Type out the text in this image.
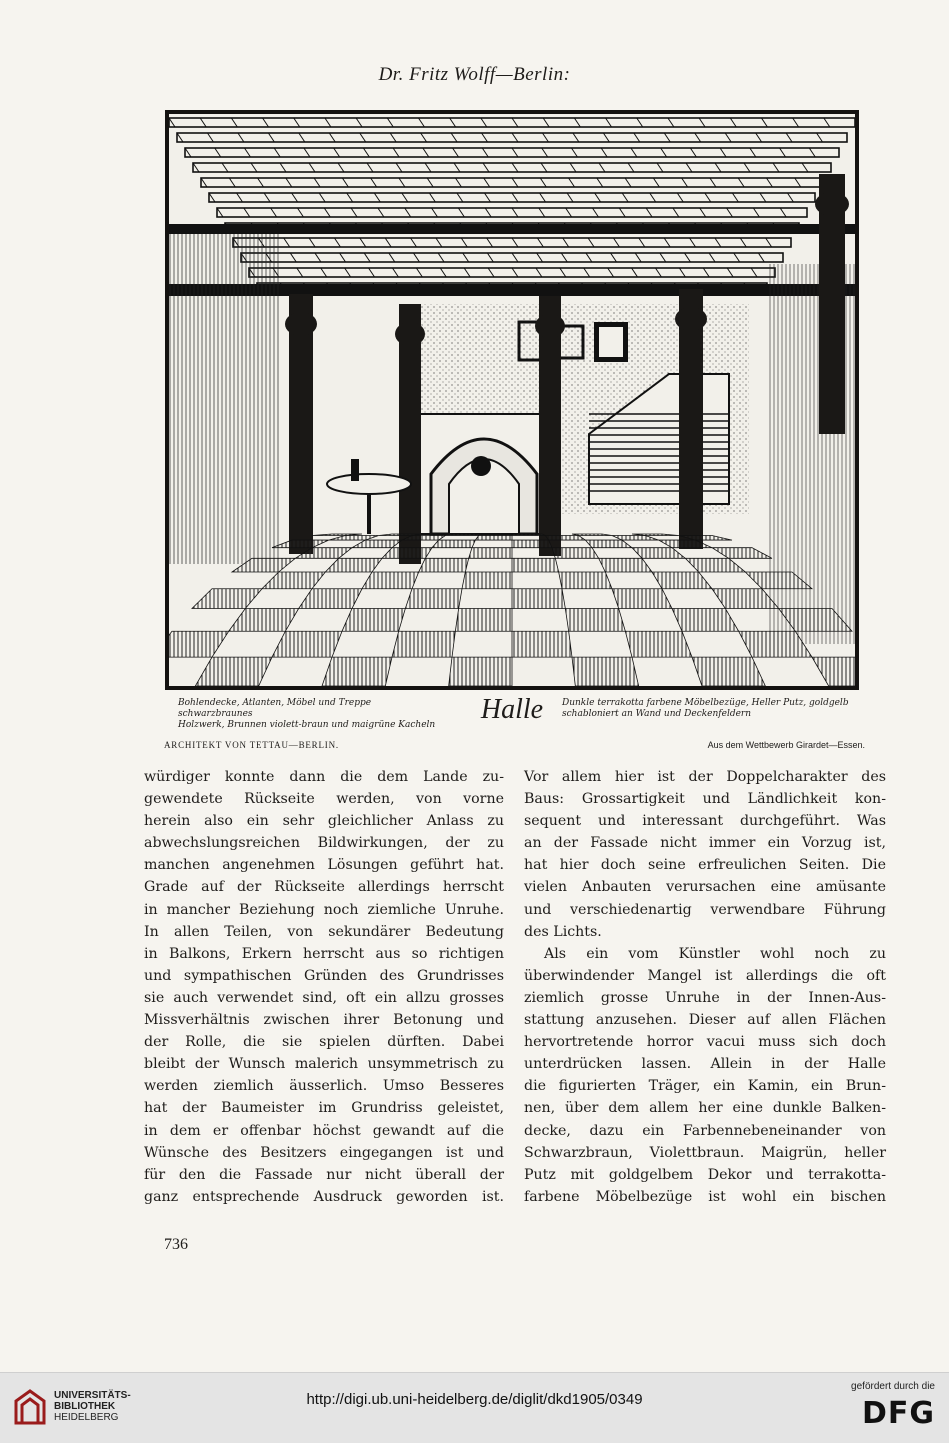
Dr. Fritz Wolff—Berlin:
Bohlendecke, Atlanten, Möbel und Treppe schwarzbraunes
Holzwerk, Brunnen violett-braun und maigrüne Kacheln	Halle	Dunkle terrakotta farbene Möbelbezüge, Heller Putz, goldgelb
schabloniert an Wand und Deckenfeldern
ARCHITEKT VON TETTAU—BERLIN.	Aus dem Wettbewerb Girardet—Essen.

würdiger konnte dann die dem Lande zu-

gewendete Rückseite werden, von vorne

herein also ein sehr gleichlicher Anlass zu

abwechslungsreichen Bildwirkungen, der zu

manchen angenehmen Lösungen geführt hat.

Grade auf der Rückseite allerdings herrscht

in mancher Beziehung noch ziemliche Unruhe.

In allen Teilen, von sekundärer Bedeutung

in Balkons, Erkern herrscht aus so richtigen

und sympathischen Gründen des Grundrisses

sie auch verwendet sind, oft ein allzu grosses

Missverhältnis zwischen ihrer Betonung und

der Rolle, die sie spielen dürften. Dabei

bleibt der Wunsch malerich unsymmetrisch zu

werden ziemlich äusserlich. Umso Besseres

hat der Baumeister im Grundriss geleistet,

in dem er offenbar höchst gewandt auf die

Wünsche des Besitzers eingegangen ist und

für den die Fassade nur nicht überall der

ganz entsprechende Ausdruck geworden ist.

Vor allem hier ist der Doppelcharakter des

Baus: Grossartigkeit und Ländlichkeit kon-

sequent und interessant durchgeführt. Was

an der Fassade nicht immer ein Vorzug ist,

hat hier doch seine erfreulichen Seiten. Die

vielen Anbauten verursachen eine amüsante

und verschiedenartig verwendbare Führung

des Lichts.

Als ein vom Künstler wohl noch zu

überwindender Mangel ist allerdings die oft

ziemlich grosse Unruhe in der Innen-Aus-

stattung anzusehen. Dieser auf allen Flächen

hervortretende horror vacui muss sich doch

unterdrücken lassen. Allein in der Halle

die figurierten Träger, ein Kamin, ein Brun-

nen, über dem allem her eine dunkle Balken-

decke, dazu ein Farbennebeneinander von

Schwarzbraun, Violettbraun. Maigrün, heller

Putz mit goldgelbem Dekor und terrakotta-

farbene Möbelbezüge ist wohl ein bischen

736
UNIVERSITÄTS-
BIBLIOTHEK
HEIDELBERG
http://digi.ub.uni-heidelberg.de/diglit/dkd1905/0349
gefördert durch die
DFG
